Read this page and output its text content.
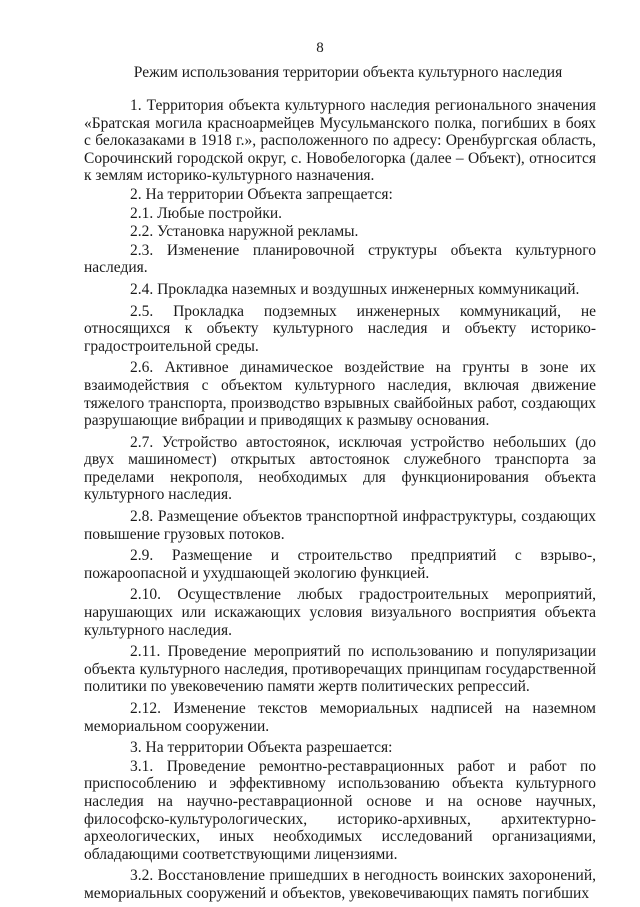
8
Режим использования территории объекта культурного наследия

1. Территория объекта культурного наследия регионального значения «Братская могила красноармейцев Мусульманского полка, погибших в боях с белоказаками в 1918 г.», расположенного по адресу: Оренбургская область, Сорочинский городской округ, с. Новобелогорка (далее – Объект), относится к землям историко-культурного назначения.

2. На территории Объекта запрещается:

2.1. Любые постройки.

2.2. Установка наружной рекламы.

2.3. Изменение планировочной структуры объекта культурного наследия.

2.4. Прокладка наземных и воздушных инженерных коммуникаций.

2.5. Прокладка подземных инженерных коммуникаций, не относящихся к объекту культурного наследия и объекту историко-градостроительной среды.

2.6. Активное динамическое воздействие на грунты в зоне их взаимодействия с объектом культурного наследия, включая движение тяжелого транспорта, производство взрывных свайбойных работ, создающих разрушающие вибрации и приводящих к размыву основания.

2.7. Устройство автостоянок, исключая устройство небольших (до двух машиномест) открытых автостоянок служебного транспорта за пределами некрополя, необходимых для функционирования объекта культурного наследия.

2.8. Размещение объектов транспортной инфраструктуры, создающих повышение грузовых потоков.

2.9. Размещение и строительство предприятий с взрыво-, пожароопасной и ухудшающей экологию функцией.

2.10. Осуществление любых градостроительных мероприятий, нарушающих или искажающих условия визуального восприятия объекта культурного наследия.

2.11. Проведение мероприятий по использованию и популяризации объекта культурного наследия, противоречащих принципам государственной политики по увековечению памяти жертв политических репрессий.

2.12. Изменение текстов мемориальных надписей на наземном мемориальном сооружении.

3. На территории Объекта разрешается:

3.1. Проведение ремонтно-реставрационных работ и работ по приспособлению и эффективному использованию объекта культурного наследия на научно-реставрационной основе и на основе научных, философско-культурологических, историко-архивных, архитектурно-археологических, иных необходимых исследований организациями, обладающими соответствующими лицензиями.

3.2. Восстановление пришедших в негодность воинских захоронений, мемориальных сооружений и объектов, увековечивающих память погибших
